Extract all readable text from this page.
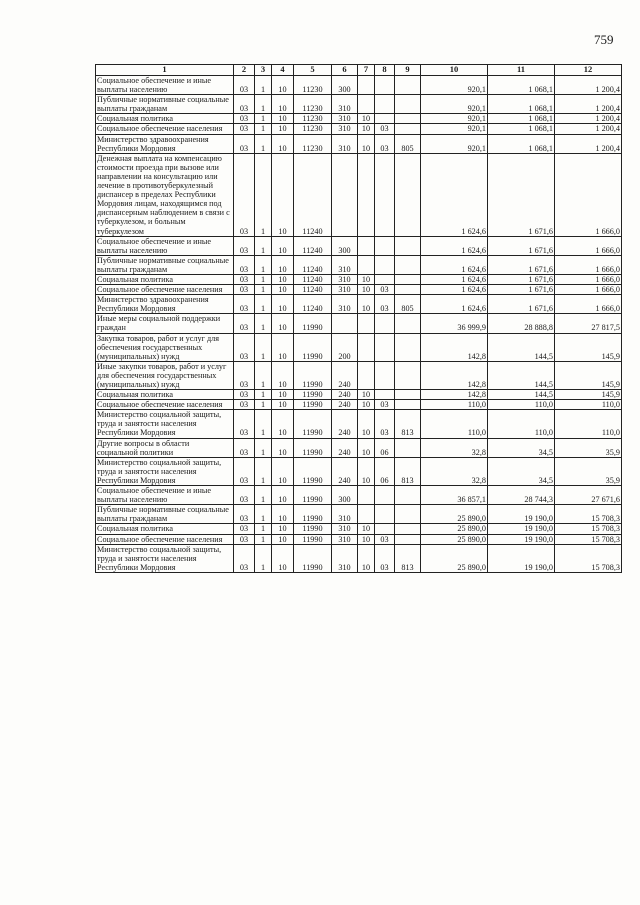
759
1	2	3	4	5	6	7	8	9	10	11	12
Социальное обеспечение и иные выплаты населению	03	1	10	11230	300				920,1	1 068,1	1 200,4
Публичные нормативные социальные выплаты гражданам	03	1	10	11230	310				920,1	1 068,1	1 200,4
Социальная политика	03	1	10	11230	310	10			920,1	1 068,1	1 200,4
Социальное обеспечение населения	03	1	10	11230	310	10	03		920,1	1 068,1	1 200,4
Министерство здравоохранения Республики Мордовия	03	1	10	11230	310	10	03	805	920,1	1 068,1	1 200,4
Денежная выплата на компенсацию стоимости проезда при вызове или направлении на консультацию или лечение в противотуберкулезный диспансер в пределах Республики Мордовия лицам, находящимся под диспансерным наблюдением в связи с туберкулезом, и больным туберкулезом	03	1	10	11240					1 624,6	1 671,6	1 666,0
Социальное обеспечение и иные выплаты населению	03	1	10	11240	300				1 624,6	1 671,6	1 666,0
Публичные нормативные социальные выплаты гражданам	03	1	10	11240	310				1 624,6	1 671,6	1 666,0
Социальная политика	03	1	10	11240	310	10			1 624,6	1 671,6	1 666,0
Социальное обеспечение населения	03	1	10	11240	310	10	03		1 624,6	1 671,6	1 666,0
Министерство здравоохранения Республики Мордовия	03	1	10	11240	310	10	03	805	1 624,6	1 671,6	1 666,0
Иные меры социальной поддержки граждан	03	1	10	11990					36 999,9	28 888,8	27 817,5
Закупка товаров, работ и услуг для обеспечения государственных (муниципальных) нужд	03	1	10	11990	200				142,8	144,5	145,9
Иные закупки товаров, работ и услуг для обеспечения государственных (муниципальных) нужд	03	1	10	11990	240				142,8	144,5	145,9
Социальная политика	03	1	10	11990	240	10			142,8	144,5	145,9
Социальное обеспечение населения	03	1	10	11990	240	10	03		110,0	110,0	110,0
Министерство социальной защиты, труда и занятости населения Республики Мордовия	03	1	10	11990	240	10	03	813	110,0	110,0	110,0
Другие вопросы в области социальной политики	03	1	10	11990	240	10	06		32,8	34,5	35,9
Министерство социальной защиты, труда и занятости населения Республики Мордовия	03	1	10	11990	240	10	06	813	32,8	34,5	35,9
Социальное обеспечение и иные выплаты населению	03	1	10	11990	300				36 857,1	28 744,3	27 671,6
Публичные нормативные социальные выплаты гражданам	03	1	10	11990	310				25 890,0	19 190,0	15 708,3
Социальная политика	03	1	10	11990	310	10			25 890,0	19 190,0	15 708,3
Социальное обеспечение населения	03	1	10	11990	310	10	03		25 890,0	19 190,0	15 708,3
Министерство социальной защиты, труда и занятости населения Республики Мордовия	03	1	10	11990	310	10	03	813	25 890,0	19 190,0	15 708,3
